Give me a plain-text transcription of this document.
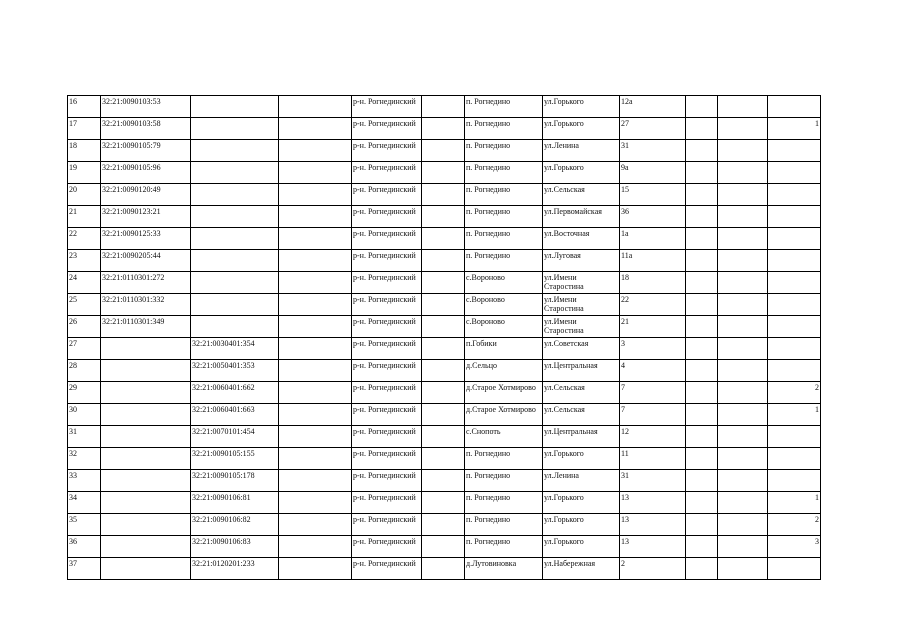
16	32:21:0090103:53			р-н. Рогнединский		п. Рогнедино	ул.Горького	12а			
17	32:21:0090103:58			р-н. Рогнединский		п. Рогнедино	ул.Горького	27			1
18	32:21:0090105:79			р-н. Рогнединский		п. Рогнедино	ул.Ленина	31			
19	32:21:0090105:96			р-н. Рогнединский		п. Рогнедино	ул.Горького	9а			
20	32:21:0090120:49			р-н. Рогнединский		п. Рогнедино	ул.Сельская	15			
21	32:21:0090123:21			р-н. Рогнединский		п. Рогнедино	ул.Первомайская	36			
22	32:21:0090125:33			р-н. Рогнединский		п. Рогнедино	ул.Восточная	1а			
23	32:21:0090205:44			р-н. Рогнединский		п. Рогнедино	ул.Луговая	11а			
24	32:21:0110301:272			р-н. Рогнединский		с.Вороново	ул.Имени Старостина	18			
25	32:21:0110301:332			р-н. Рогнединский		с.Вороново	ул.Имени Старостина	22			
26	32:21:0110301:349			р-н. Рогнединский		с.Вороново	ул.Имени Старостина	21			
27		32:21:0030401:354		р-н. Рогнединский		п.Гобики	ул.Советская	3			
28		32:21:0050401:353		р-н. Рогнединский		д.Сельцо	ул.Центральная	4			
29		32:21:0060401:662		р-н. Рогнединский		д.Старое Хотмирово	ул.Сельская	7			2
30		32:21:0060401:663		р-н. Рогнединский		д.Старое Хотмирово	ул.Сельская	7			1
31		32:21:0070101:454		р-н. Рогнединский		с.Снопоть	ул.Центральная	12			
32		32:21:0090105:155		р-н. Рогнединский		п. Рогнедино	ул.Горького	11			
33		32:21:0090105:178		р-н. Рогнединский		п. Рогнедино	ул.Ленина	31			
34		32:21:0090106:81		р-н. Рогнединский		п. Рогнедино	ул.Горького	13			1
35		32:21:0090106:82		р-н. Рогнединский		п. Рогнедино	ул.Горького	13			2
36		32:21:0090106:83		р-н. Рогнединский		п. Рогнедино	ул.Горького	13			3
37		32:21:0120201:233		р-н. Рогнединский		д.Лутовиновка	ул.Набережная	2			
